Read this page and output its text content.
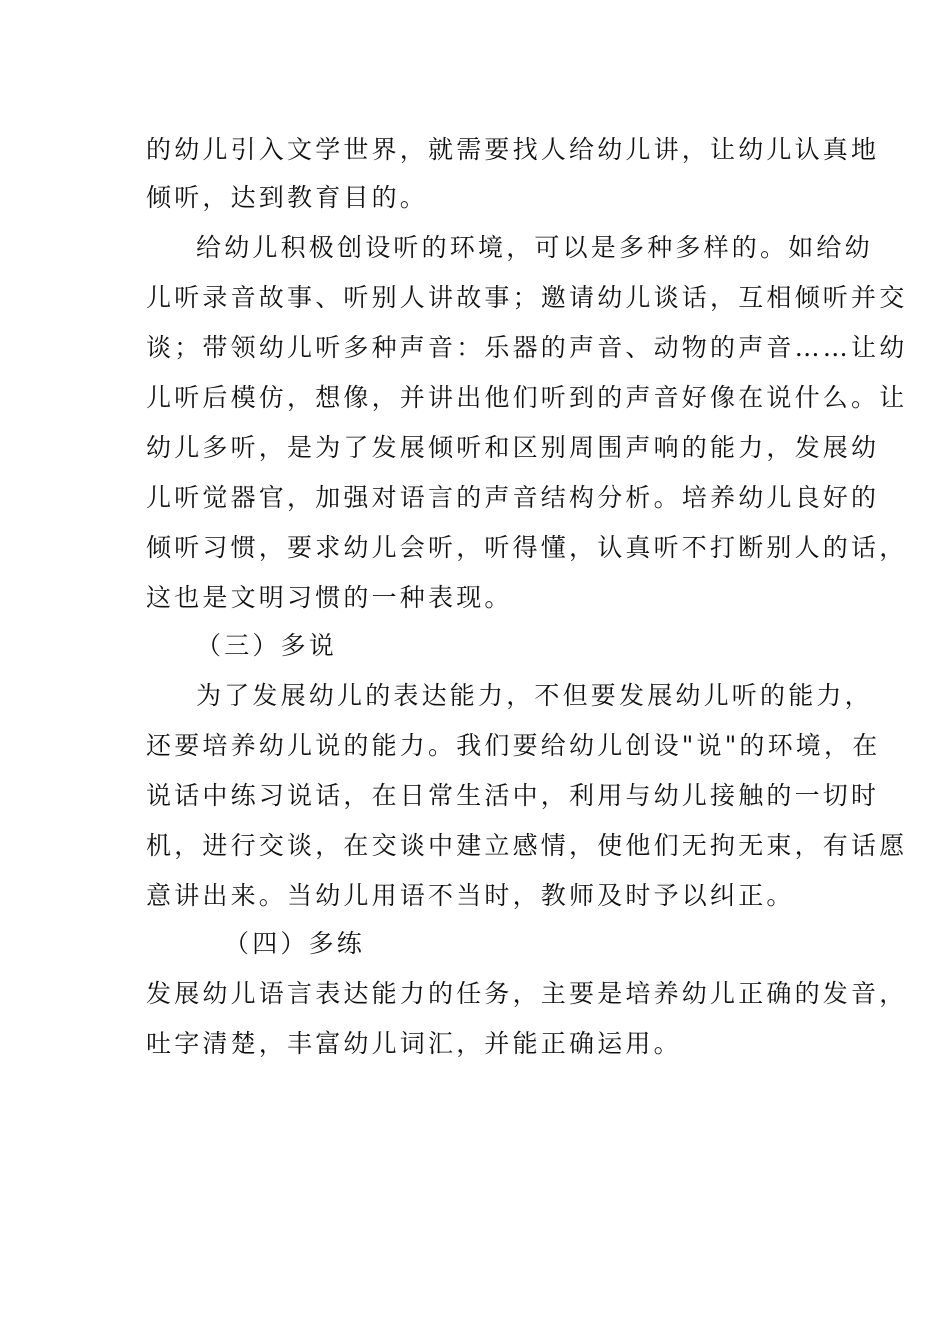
的幼儿引入文学世界，就需要找人给幼儿讲，让幼儿认真地
倾听，达到教育目的。
给幼儿积极创设听的环境，可以是多种多样的。如给幼
儿听录音故事、听别人讲故事；邀请幼儿谈话，互相倾听并交
谈；带领幼儿听多种声音：乐器的声音、动物的声音……让幼
儿听后模仿，想像，并讲出他们听到的声音好像在说什么。让
幼儿多听，是为了发展倾听和区别周围声响的能力，发展幼
儿听觉器官，加强对语言的声音结构分析。培养幼儿良好的
倾听习惯，要求幼儿会听，听得懂，认真听不打断别人的话，
这也是文明习惯的一种表现。
（三）多说
为了发展幼儿的表达能力，不但要发展幼儿听的能力，
还要培养幼儿说的能力。我们要给幼儿创设"说"的环境，在
说话中练习说话，在日常生活中，利用与幼儿接触的一切时
机，进行交谈，在交谈中建立感情，使他们无拘无束，有话愿
意讲出来。当幼儿用语不当时，教师及时予以纠正。
（四）多练
发展幼儿语言表达能力的任务，主要是培养幼儿正确的发音，
吐字清楚，丰富幼儿词汇，并能正确运用。
